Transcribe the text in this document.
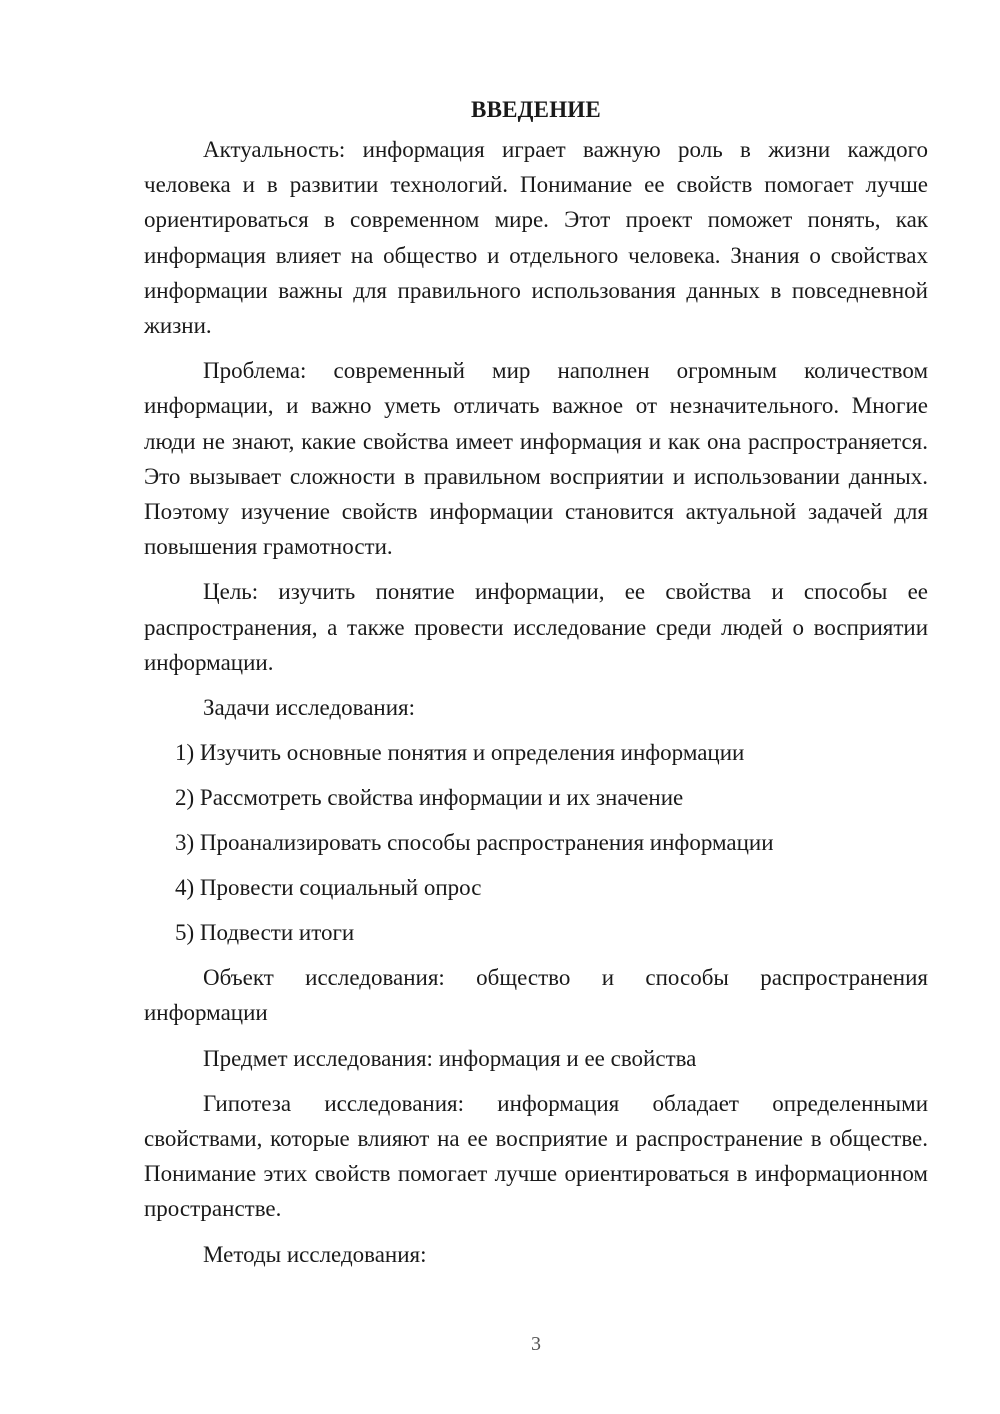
ВВЕДЕНИЕ

Актуальность: информация играет важную роль в жизни каждого человека и в развитии технологий. Понимание ее свойств помогает лучше ориентироваться в современном мире. Этот проект поможет понять, как информация влияет на общество и отдельного человека. Знания о свойствах информации важны для правильного использования данных в повседневной жизни.

Проблема: современный мир наполнен огромным количеством информации, и важно уметь отличать важное от незначительного. Многие люди не знают, какие свойства имеет информация и как она распространяется. Это вызывает сложности в правильном восприятии и использовании данных. Поэтому изучение свойств информации становится актуальной задачей для повышения грамотности.

Цель: изучить понятие информации, ее свойства и способы ее распространения, а также провести исследование среди людей о восприятии информации.

Задачи исследования:

1) Изучить основные понятия и определения информации
2) Рассмотреть свойства информации и их значение
3) Проанализировать способы распространения информации
4) Провести социальный опрос
5) Подвести итоги

Объект исследования: общество и способы распространения информации

Предмет исследования: информация и ее свойства

Гипотеза исследования: информация обладает определенными свойствами, которые влияют на ее восприятие и распространение в обществе. Понимание этих свойств помогает лучше ориентироваться в информационном пространстве.

Методы исследования:

3
